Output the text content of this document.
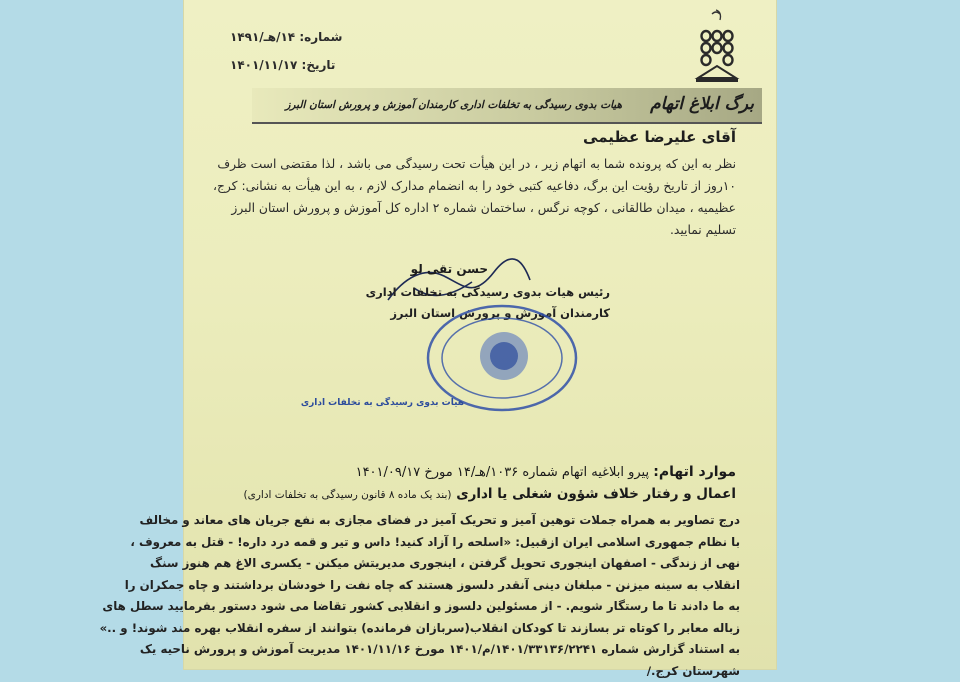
شماره: ۱۴/هـ/۱۴۹۱
تاریخ: ۱۴۰۱/۱۱/۱۷
برگ ابلاغ اتهام
هیات بدوی رسیدگی به تخلفات اداری کارمندان آموزش و پرورش استان البرز
آقای علیرضا عظیمی
نظر به این که پرونده شما به اتهام زیر ، در این هیأت تحت رسیدگی می باشد ، لذا مقتضی است ظرف
۱۰روز از تاریخ رؤیت این برگ، دفاعیه کتبی خود را به انضمام مدارک لازم ، به این هیأت به نشانی: کرج،
عظیمیه ، میدان طالقانی ، کوچه نرگس ، ساختمان شماره ۲ اداره کل آموزش و پرورش استان البرز
تسلیم نمایید.
حسن تقی لو
رئیس هیات بدوی رسیدگی به تخلفات اداری
کارمندان آموزش و پرورش استان البرز
هیات بدوی رسیدگی به تخلفات اداری
موارد اتهام: پیرو ابلاغیه اتهام شماره ۱۰۳۶/هـ/۱۴ مورخ ۱۴۰۱/۰۹/۱۷
اعمال و رفتار خلاف شؤون شغلی یا اداری (بند یک ماده ۸ قانون رسیدگی به تخلفات اداری)
درج تصاویر به همراه جملات توهین آمیز و تحریک آمیز در فضای مجازی به نفع جریان های معاند و مخالف
با نظام جمهوری اسلامی ایران ازقبیل: «اسلحه را آزاد کنید! داس و تیر و قمه درد داره! - قتل به معروف ،
نهی از زندگی - اصفهان اینجوری تحویل گرفتن ، اینجوری مدیریتش میکنن - یکسری الاغ هم هنوز سنگ
انقلاب به سینه میزنن - مبلغان دینی آنقدر دلسوز هستند که چاه نفت را خودشان برداشتند و چاه جمکران را
به ما دادند تا ما رستگار شویم. - از مسئولین دلسوز و انقلابی کشور تقاضا می شود دستور بفرمایید سطل های
زباله معابر را کوتاه تر بسازند تا کودکان انقلاب(سربازان فرمانده) بتوانند از سفره انقلاب بهره مند شوند! و ..»
به استناد گزارش شماره ۱۴۰۱/۳۳۱۳۶/۲۲۴۱/م/۱۴۰۱ مورخ ۱۴۰۱/۱۱/۱۶ مدیریت آموزش و پرورش ناحیه یک
شهرستان کرج./
